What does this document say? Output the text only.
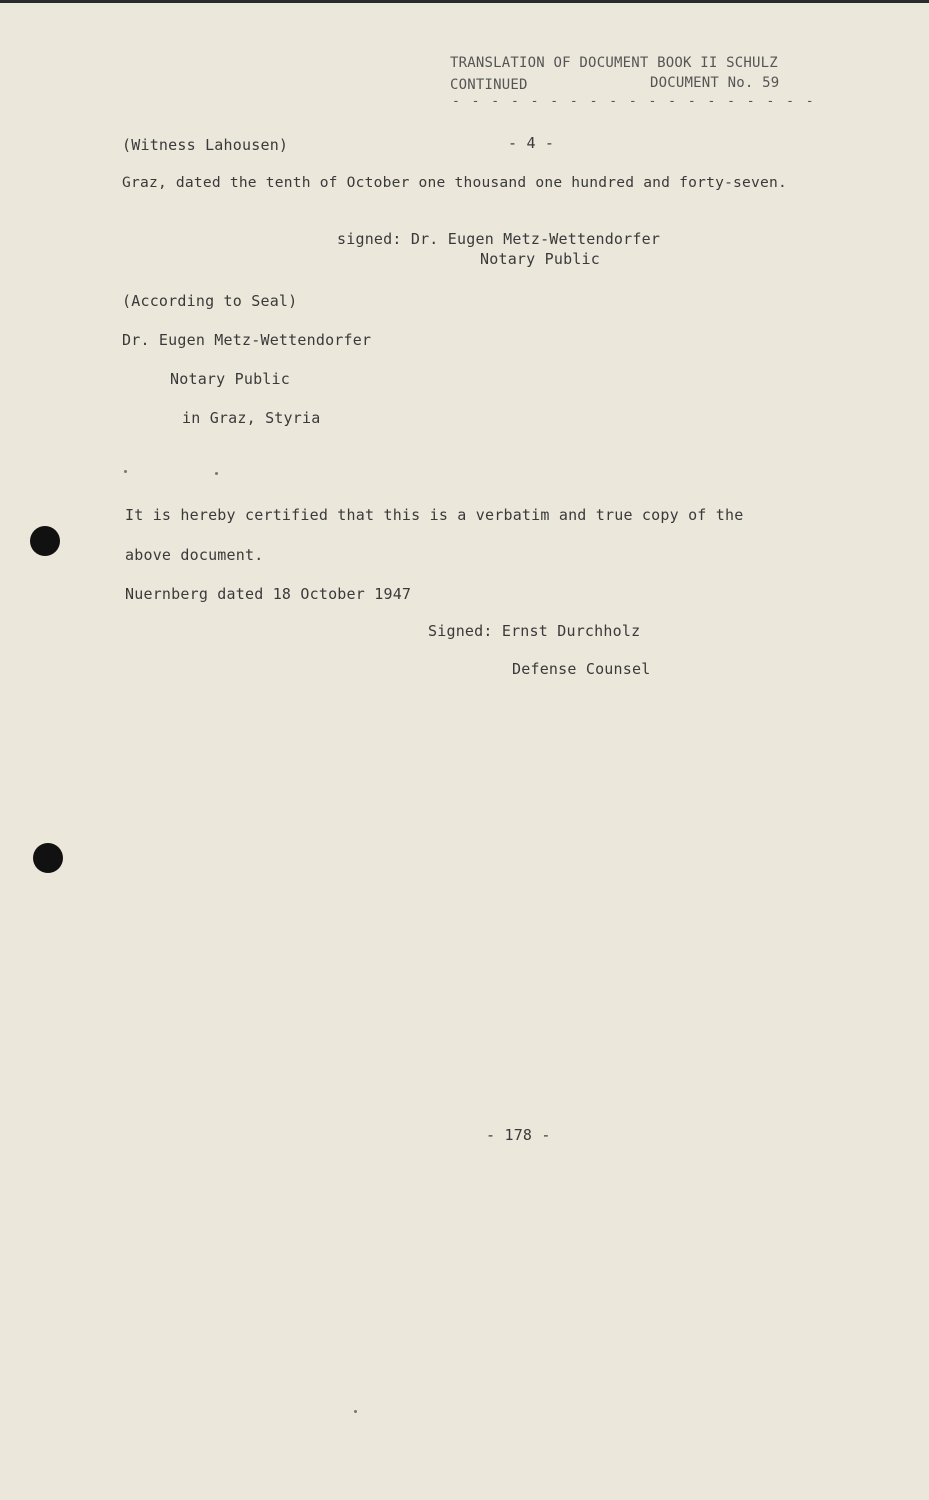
TRANSLATION OF DOCUMENT BOOK II SCHULZ
CONTINUED	DOCUMENT No. 59
- - - - - - - - - - - - - - - - - - -
(Witness Lahousen)	- 4 -
Graz, dated the tenth of October one thousand one hundred and forty-seven.
signed: Dr. Eugen Metz-Wettendorfer
Notary Public
(According to Seal)
Dr. Eugen Metz-Wettendorfer
Notary Public
in Graz, Styria
It is hereby certified that this is a verbatim and true copy of the
above document.
Nuernberg dated 18 October 1947
Signed: Ernst Durchholz
Defense Counsel
- 178 -
